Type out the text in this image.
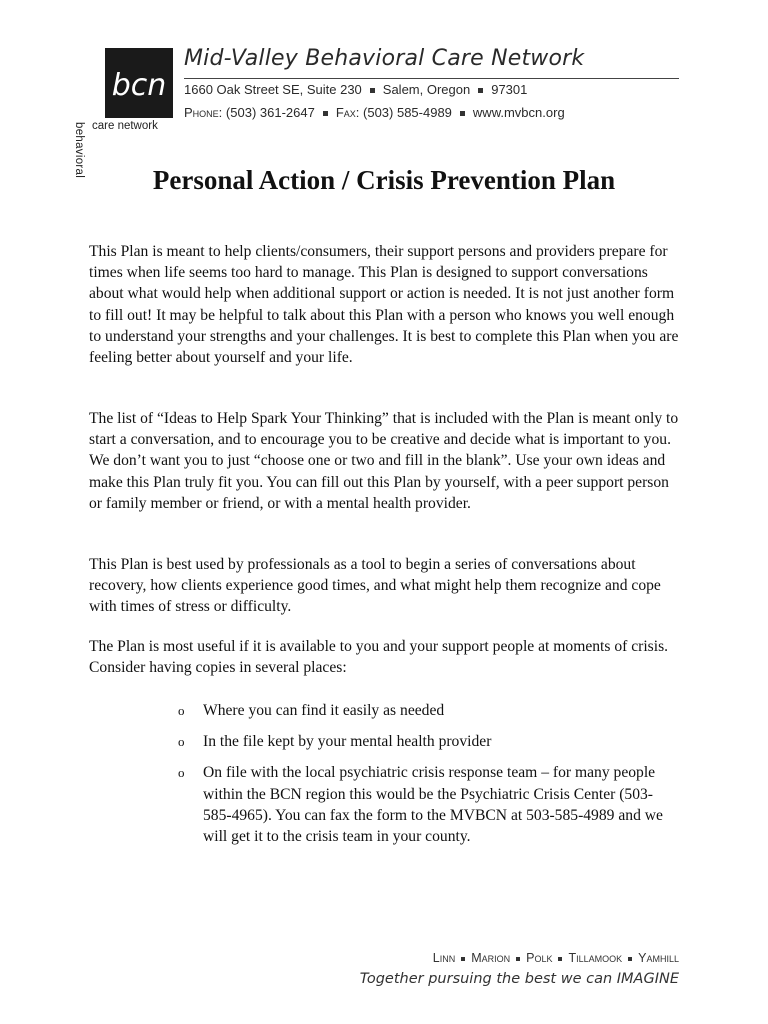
behavioral
bcn
care network
Mid-Valley Behavioral Care Network
1660 Oak Street SE, Suite 230 Salem, Oregon 97301
Phone: (503) 361-2647 Fax: (503) 585-4989 www.mvbcn.org
Personal Action / Crisis Prevention Plan

This Plan is meant to help clients/consumers, their support persons and providers prepare for times when life seems too hard to manage. This Plan is designed to support conversations about what would help when additional support or action is needed. It is not just another form to fill out! It may be helpful to talk about this Plan with a person who knows you well enough to understand your strengths and your challenges. It is best to complete this Plan when you are feeling better about yourself and your life.

The list of “Ideas to Help Spark Your Thinking” that is included with the Plan is meant only to start a conversation, and to encourage you to be creative and decide what is important to you. We don’t want you to just “choose one or two and fill in the blank”. Use your own ideas and make this Plan truly fit you. You can fill out this Plan by yourself, with a peer support person or family member or friend, or with a mental health provider.

This Plan is best used by professionals as a tool to begin a series of conversations about recovery, how clients experience good times, and what might help them recognize and cope with times of stress or difficulty.

The Plan is most useful if it is available to you and your support people at moments of crisis. Consider having copies in several places:

o Where you can find it easily as needed
o In the file kept by your mental health provider
o On file with the local psychiatric crisis response team – for many people within the BCN region this would be the Psychiatric Crisis Center (503-585-4965). You can fax the form to the MVBCN at 503-585-4989 and we will get it to the crisis team in your county.
Linn Marion Polk Tillamook Yamhill
Together pursuing the best we can IMAGINE
